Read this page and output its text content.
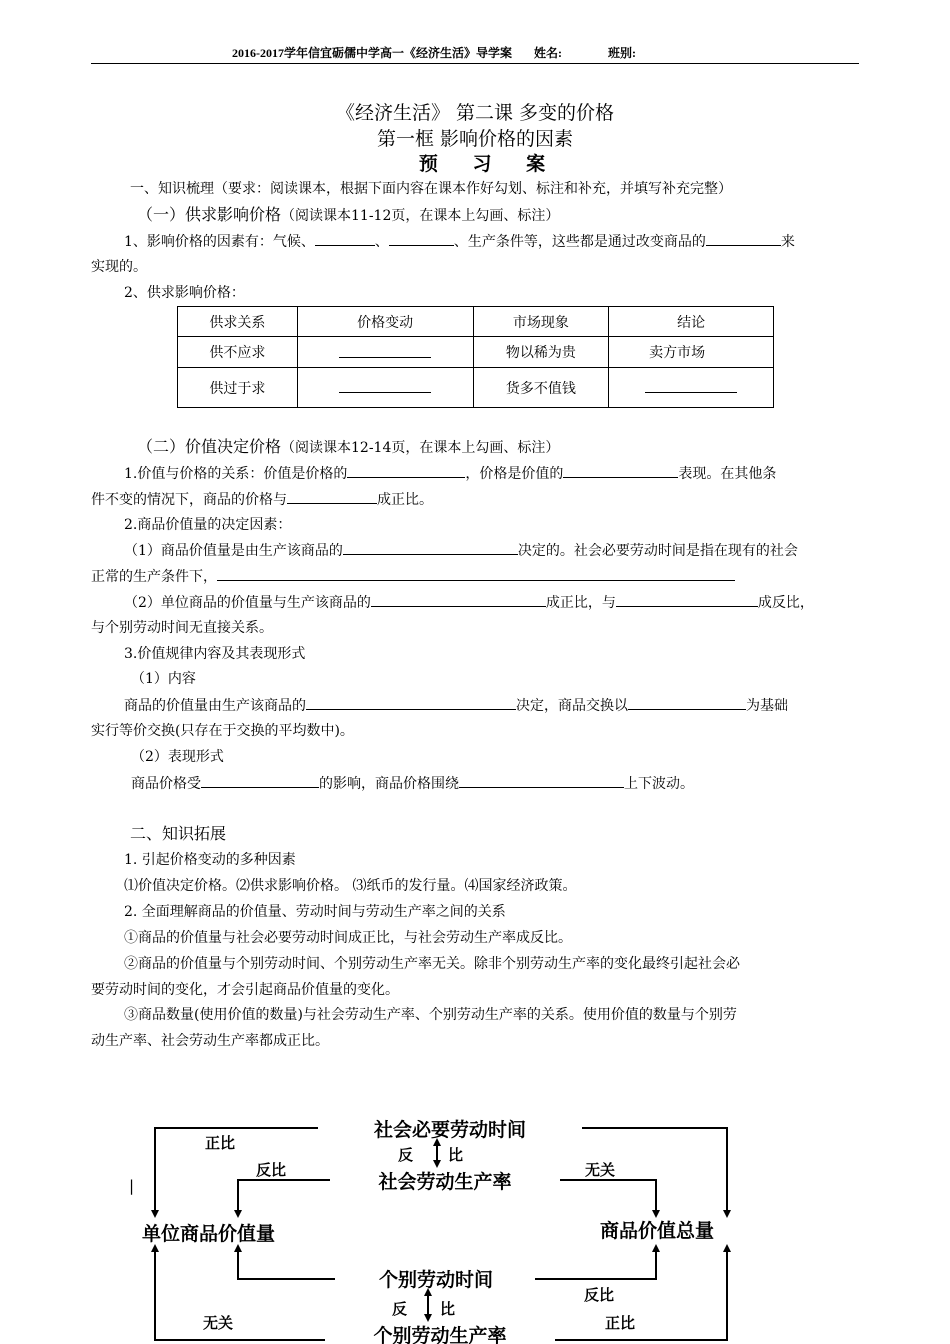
2016-2017学年信宜砺儒中学高一《经济生活》导学案 姓名:	班别:
《经济生活》 第二课 多变的价格
第一框 影响价格的因素
预 习 案
一、知识梳理（要求：阅读课本，根据下面内容在课本作好勾划、标注和补充，并填写补充完整）
（一）供求影响价格（阅读课本11-12页，在课本上勾画、标注）
1、影响价格的因素有：气候、	、	、生产条件等，这些都是通过改变商品的	来
实现的。
2、供求影响价格：
供求关系	价格变动	市场现象	结论
供不应求		物以稀为贵	卖方市场
供过于求		货多不值钱	
（二）价值决定价格（阅读课本12-14页，在课本上勾画、标注）
1.价值与价格的关系：价值是价格的	，价格是价值的	表现。在其他条
件不变的情况下，商品的价格与	成正比。
2.商品价值量的决定因素：
（1）商品价值量是由生产该商品的	决定的。社会必要劳动时间是指在现有的社会
正常的生产条件下，
（2）单位商品的价值量与生产该商品的	成正比，与	成反比，
与个别劳动时间无直接关系。
3.价值规律内容及其表现形式
（1）内容
商品的价值量由生产该商品的	决定，商品交换以	为基础
实行等价交换(只存在于交换的平均数中)。
（2）表现形式
商品价格受	的影响，商品价格围绕	上下波动。
二、知识拓展
1. 引起价格变动的多种因素
⑴价值决定价格。⑵供求影响价格。 ⑶纸币的发行量。⑷国家经济政策。
2. 全面理解商品的价值量、劳动时间与劳动生产率之间的关系
①商品的价值量与社会必要劳动时间成正比，与社会劳动生产率成反比。
②商品的价值量与个别劳动时间、个别劳动生产率无关。除非个别劳动生产率的变化最终引起社会必
要劳动时间的变化，才会引起商品价值量的变化。
③商品数量(使用价值的数量)与社会劳动生产率、个别劳动生产率的关系。使用价值的数量与个别劳
动生产率、社会劳动生产率都成正比。
社会必要劳动时间
社会劳动生产率
单位商品价值量	商品价值总量
个别劳动时间
个别劳动生产率
正比
反比
反 比
无关
反比
反 比
无关	正比
|
